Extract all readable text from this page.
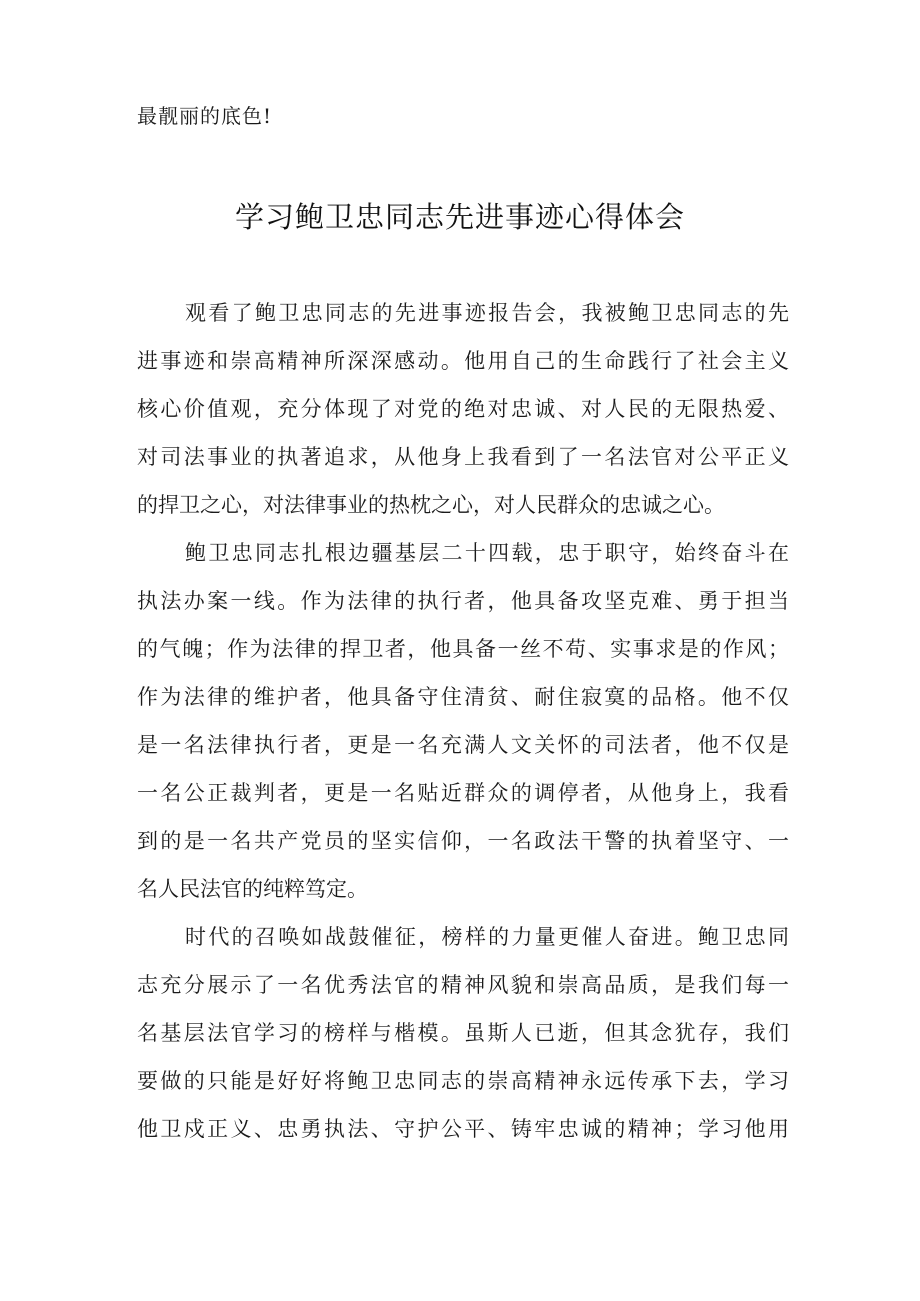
最靓丽的底色!
学习鲍卫忠同志先进事迹心得体会
观看了鲍卫忠同志的先进事迹报告会，我被鲍卫忠同志的先
进事迹和崇高精神所深深感动。他用自己的生命践行了社会主义
核心价值观，充分体现了对党的绝对忠诚、对人民的无限热爱、
对司法事业的执著追求，从他身上我看到了一名法官对公平正义
的捍卫之心，对法律事业的热枕之心，对人民群众的忠诚之心。
鲍卫忠同志扎根边疆基层二十四载，忠于职守，始终奋斗在
执法办案一线。作为法律的执行者，他具备攻坚克难、勇于担当
的气魄；作为法律的捍卫者，他具备一丝不苟、实事求是的作风；
作为法律的维护者，他具备守住清贫、耐住寂寞的品格。他不仅
是一名法律执行者，更是一名充满人文关怀的司法者，他不仅是
一名公正裁判者，更是一名贴近群众的调停者，从他身上，我看
到的是一名共产党员的坚实信仰，一名政法干警的执着坚守、一
名人民法官的纯粹笃定。
时代的召唤如战鼓催征，榜样的力量更催人奋进。鲍卫忠同
志充分展示了一名优秀法官的精神风貌和崇高品质，是我们每一
名基层法官学习的榜样与楷模。虽斯人已逝，但其念犹存，我们
要做的只能是好好将鲍卫忠同志的崇高精神永远传承下去，学习
他卫戍正义、忠勇执法、守护公平、铸牢忠诚的精神；学习他用
